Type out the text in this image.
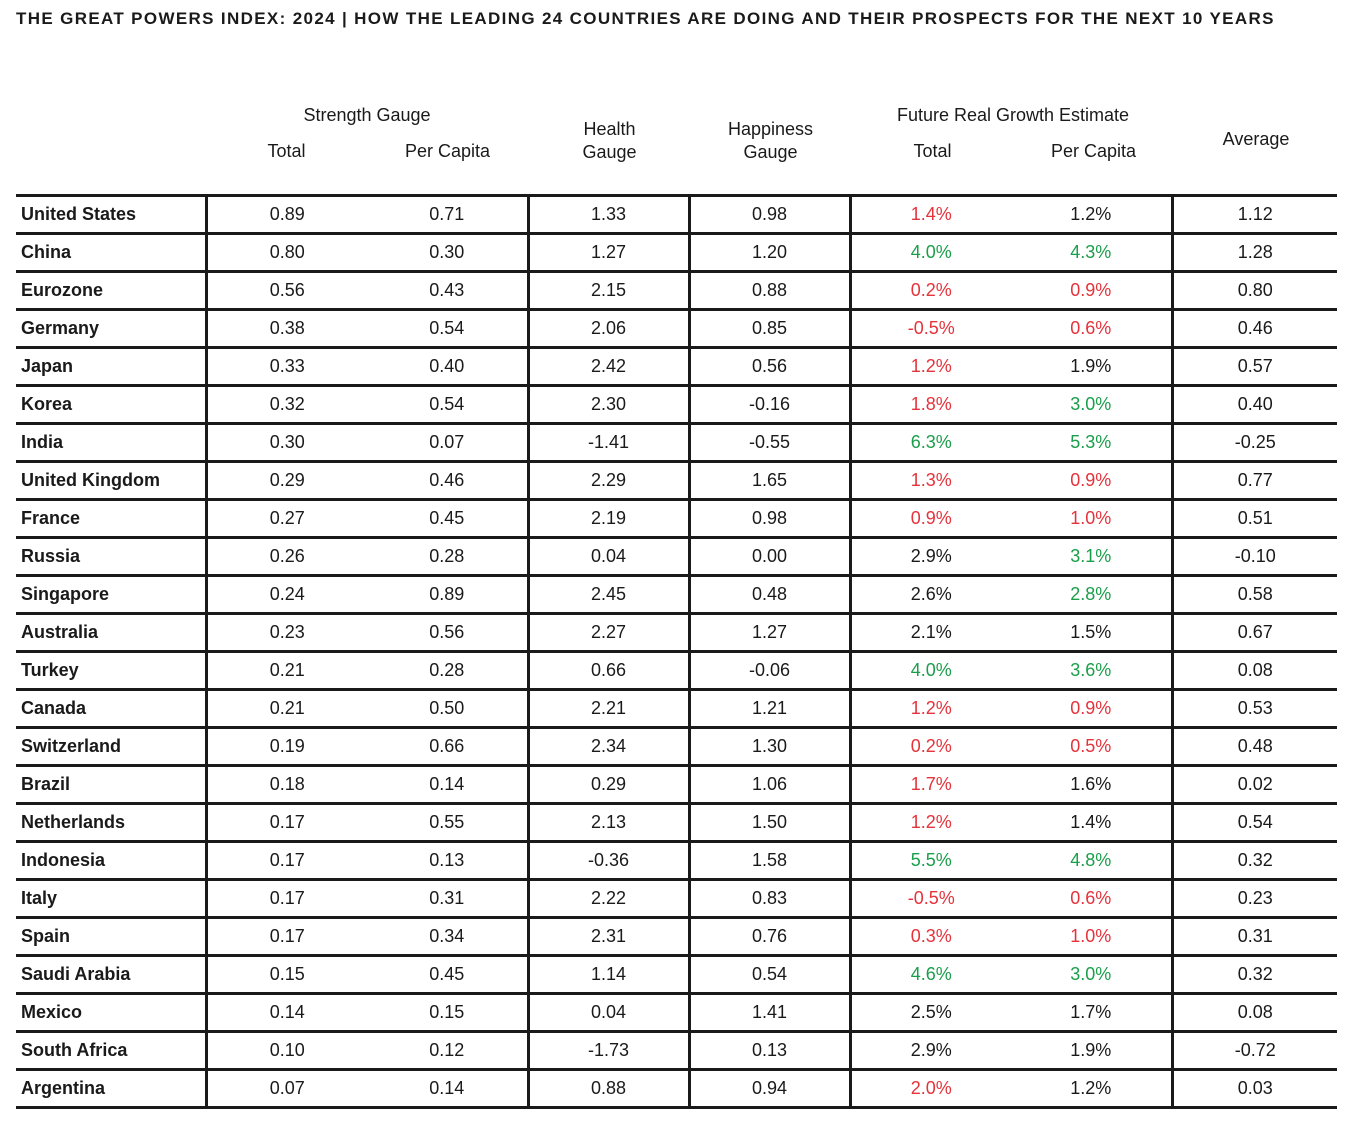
THE GREAT POWERS INDEX: 2024 | HOW THE LEADING 24 COUNTRIES ARE DOING AND THEIR PROSPECTS FOR THE NEXT 10 YEARS
Strength Gauge
Total	Per Capita
Health
Gauge
Happiness
Gauge
Future Real Growth Estimate
Total	Per Capita
Average
United States	0.89	0.71	1.33	0.98	1.4%	1.2%	1.12
China	0.80	0.30	1.27	1.20	4.0%	4.3%	1.28
Eurozone	0.56	0.43	2.15	0.88	0.2%	0.9%	0.80
Germany	0.38	0.54	2.06	0.85	-0.5%	0.6%	0.46
Japan	0.33	0.40	2.42	0.56	1.2%	1.9%	0.57
Korea	0.32	0.54	2.30	-0.16	1.8%	3.0%	0.40
India	0.30	0.07	-1.41	-0.55	6.3%	5.3%	-0.25
United Kingdom	0.29	0.46	2.29	1.65	1.3%	0.9%	0.77
France	0.27	0.45	2.19	0.98	0.9%	1.0%	0.51
Russia	0.26	0.28	0.04	0.00	2.9%	3.1%	-0.10
Singapore	0.24	0.89	2.45	0.48	2.6%	2.8%	0.58
Australia	0.23	0.56	2.27	1.27	2.1%	1.5%	0.67
Turkey	0.21	0.28	0.66	-0.06	4.0%	3.6%	0.08
Canada	0.21	0.50	2.21	1.21	1.2%	0.9%	0.53
Switzerland	0.19	0.66	2.34	1.30	0.2%	0.5%	0.48
Brazil	0.18	0.14	0.29	1.06	1.7%	1.6%	0.02
Netherlands	0.17	0.55	2.13	1.50	1.2%	1.4%	0.54
Indonesia	0.17	0.13	-0.36	1.58	5.5%	4.8%	0.32
Italy	0.17	0.31	2.22	0.83	-0.5%	0.6%	0.23
Spain	0.17	0.34	2.31	0.76	0.3%	1.0%	0.31
Saudi Arabia	0.15	0.45	1.14	0.54	4.6%	3.0%	0.32
Mexico	0.14	0.15	0.04	1.41	2.5%	1.7%	0.08
South Africa	0.10	0.12	-1.73	0.13	2.9%	1.9%	-0.72
Argentina	0.07	0.14	0.88	0.94	2.0%	1.2%	0.03
